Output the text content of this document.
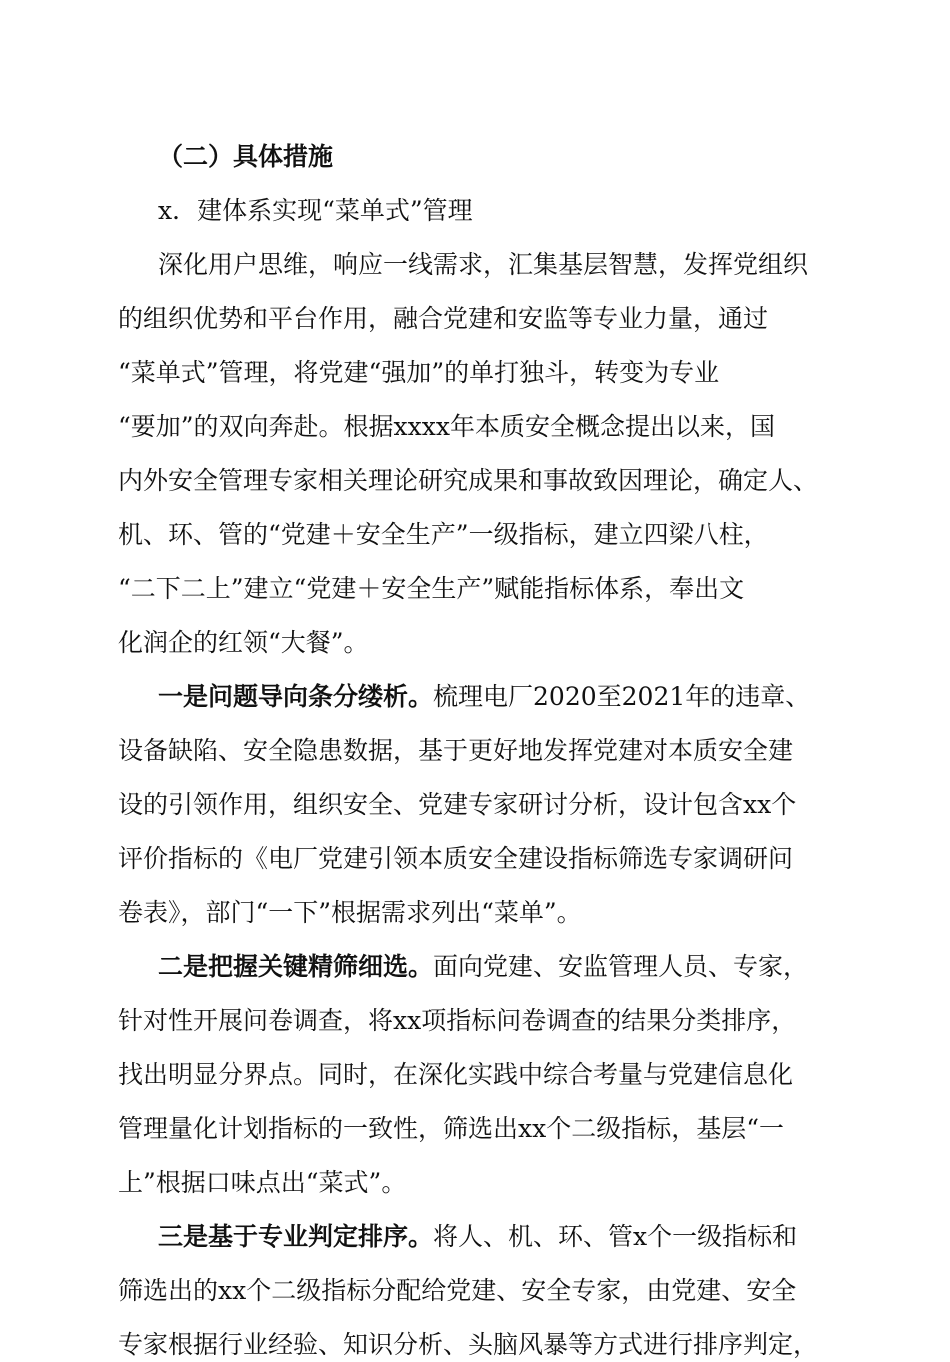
（二）具体措施
x．建体系实现“菜单式”管理
深化用户思维，响应一线需求，汇集基层智慧，发挥党组织
的组织优势和平台作用，融合党建和安监等专业力量，通过
“菜单式”管理，将党建“强加”的单打独斗，转变为专业
“要加”的双向奔赴。根据xxxx年本质安全概念提出以来，国
内外安全管理专家相关理论研究成果和事故致因理论，确定人、
机、环、管的“党建＋安全生产”一级指标，建立四梁八柱，
“二下二上”建立“党建＋安全生产”赋能指标体系，奉出文
化润企的红领“大餐”。
一是问题导向条分缕析。梳理电厂2020至2021年的违章、
设备缺陷、安全隐患数据，基于更好地发挥党建对本质安全建
设的引领作用，组织安全、党建专家研讨分析，设计包含xx个
评价指标的《电厂党建引领本质安全建设指标筛选专家调研问
卷表》，部门“一下”根据需求列出“菜单”。
二是把握关键精筛细选。面向党建、安监管理人员、专家，
针对性开展问卷调查，将xx项指标问卷调查的结果分类排序，
找出明显分界点。同时，在深化实践中综合考量与党建信息化
管理量化计划指标的一致性，筛选出xx个二级指标，基层“一
上”根据口味点出“菜式”。
三是基于专业判定排序。将人、机、环、管x个一级指标和
筛选出的xx个二级指标分配给党建、安全专家，由党建、安全
专家根据行业经验、知识分析、头脑风暴等方式进行排序判定，
